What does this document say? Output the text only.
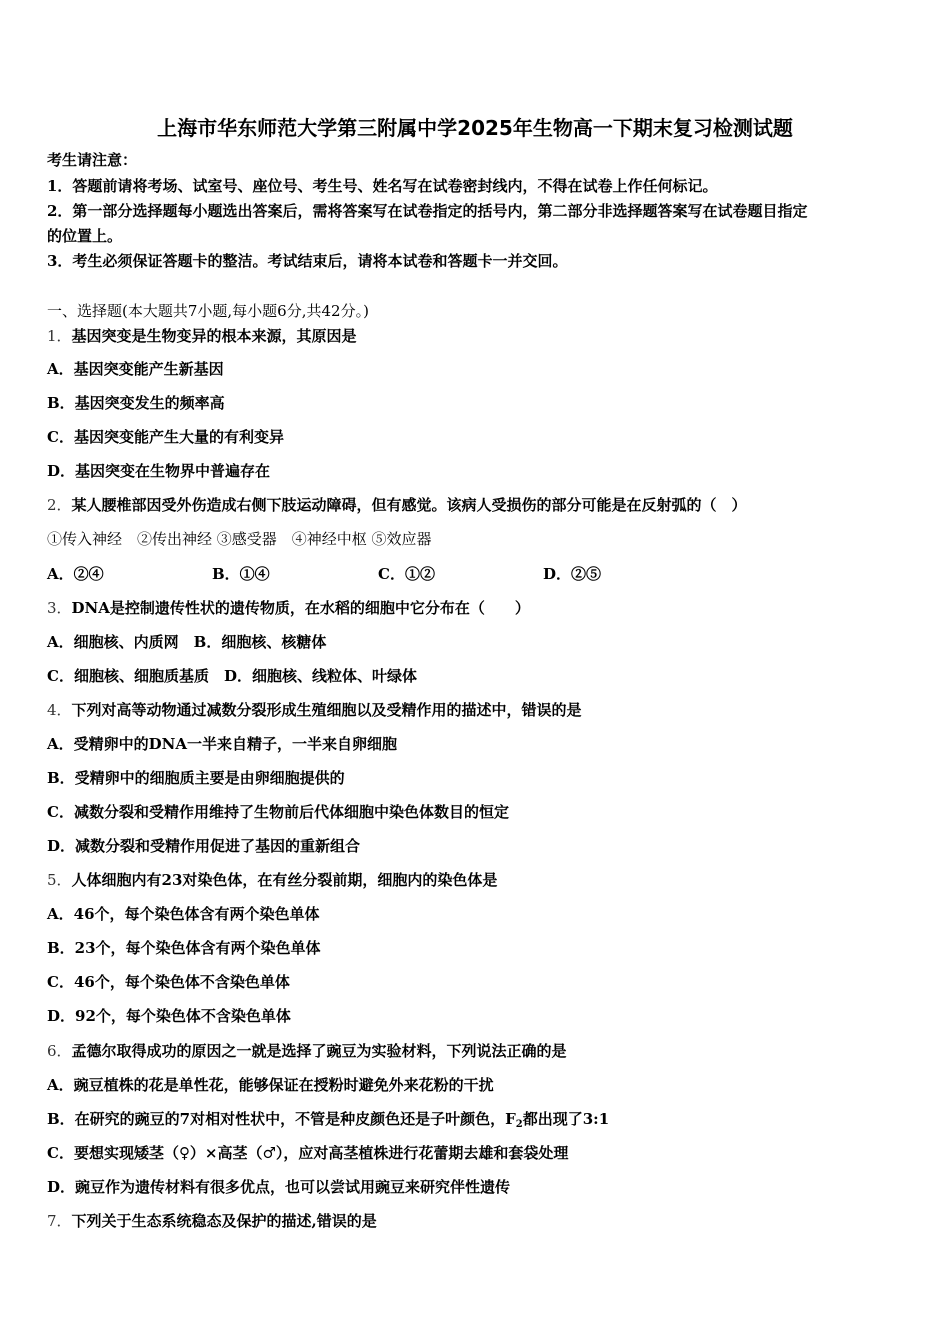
上海市华东师范大学第三附属中学2025年生物高一下期末复习检测试题
考生请注意：
1．答题前请将考场、试室号、座位号、考生号、姓名写在试卷密封线内，不得在试卷上作任何标记。
2．第一部分选择题每小题选出答案后，需将答案写在试卷指定的括号内，第二部分非选择题答案写在试卷题目指定
的位置上。
3．考生必须保证答题卡的整洁。考试结束后，请将本试卷和答题卡一并交回。
一、选择题(本大题共7小题,每小题6分,共42分。)
1．基因突变是生物变异的根本来源，其原因是
A．基因突变能产生新基因
B．基因突变发生的频率高
C．基因突变能产生大量的有利变异
D．基因突变在生物界中普遍存在
2．某人腰椎部因受外伤造成右侧下肢运动障碍，但有感觉。该病人受损伤的部分可能是在反射弧的（　）
①传入神经　②传出神经 ③感受器　④神经中枢 ⑤效应器
A．②④	B．①④	C．①②	D．②⑤
3．DNA是控制遗传性状的遗传物质，在水稻的细胞中它分布在（　　）
A．细胞核、内质网　B．细胞核、核糖体
C．细胞核、细胞质基质　D．细胞核、线粒体、叶绿体
4．下列对高等动物通过减数分裂形成生殖细胞以及受精作用的描述中，错误的是
A．受精卵中的DNA一半来自精子，一半来自卵细胞
B．受精卵中的细胞质主要是由卵细胞提供的
C．减数分裂和受精作用维持了生物前后代体细胞中染色体数目的恒定
D．减数分裂和受精作用促进了基因的重新组合
5．人体细胞内有23对染色体，在有丝分裂前期，细胞内的染色体是
A．46个，每个染色体含有两个染色单体
B．23个，每个染色体含有两个染色单体
C．46个，每个染色体不含染色单体
D．92个，每个染色体不含染色单体
6．孟德尔取得成功的原因之一就是选择了豌豆为实验材料，下列说法正确的是
A．豌豆植株的花是单性花，能够保证在授粉时避免外来花粉的干扰
B．在研究的豌豆的7对相对性状中，不管是种皮颜色还是子叶颜色，$F_2$都出现了3:1
C．要想实现矮茎（♀）×高茎（♂），应对高茎植株进行花蕾期去雄和套袋处理
D．豌豆作为遗传材料有很多优点，也可以尝试用豌豆来研究伴性遗传
7．下列关于生态系统稳态及保护的描述,错误的是
